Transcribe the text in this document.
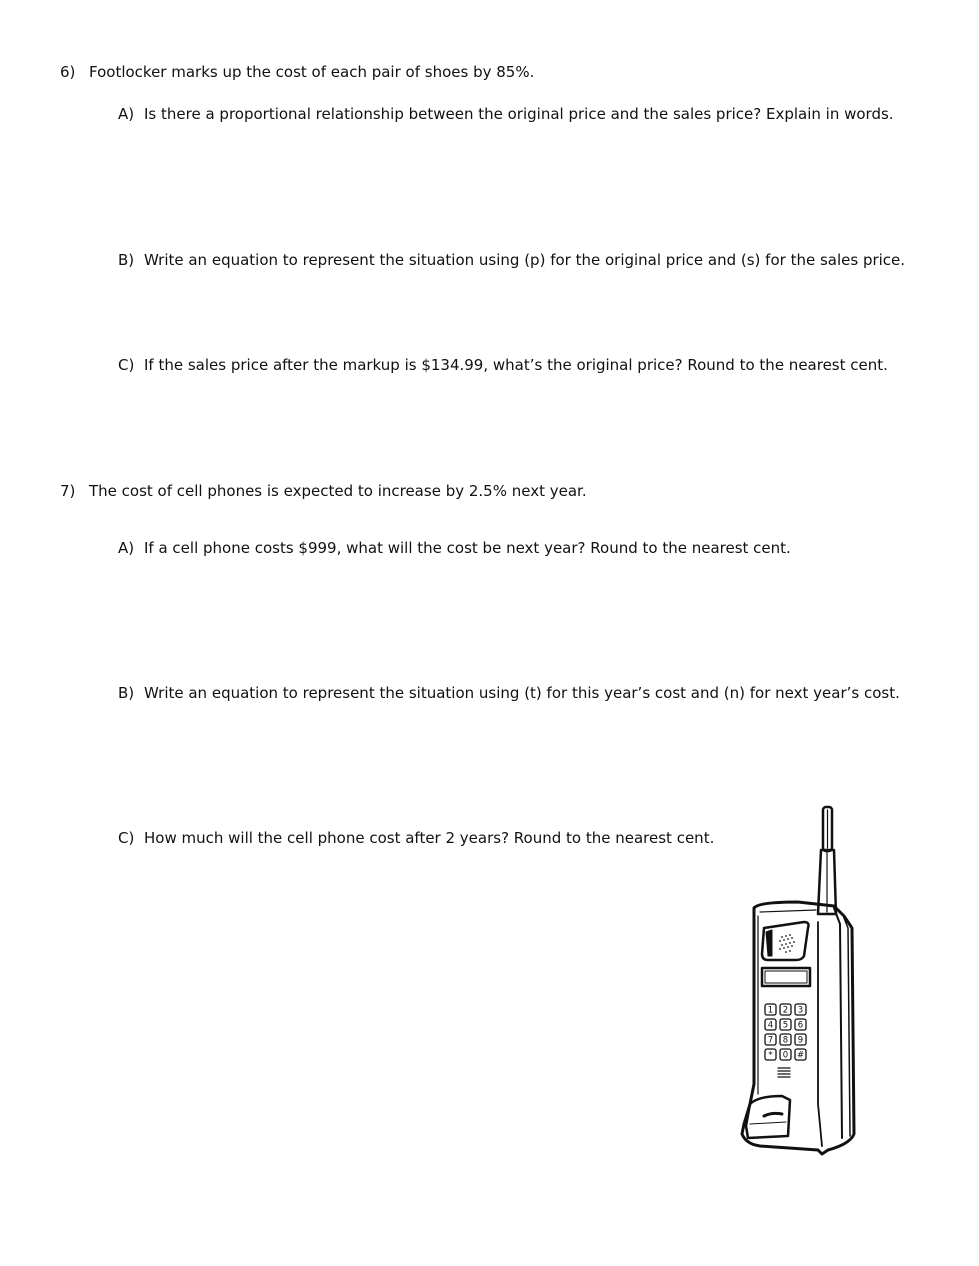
6) Footlocker marks up the cost of each pair of shoes by 85%.
A) Is there a proportional relationship between the original price and the sales price? Explain in words.
B) Write an equation to represent the situation using (p) for the original price and (s) for the sales price.
C) If the sales price after the markup is $134.99, what’s the original price? Round to the nearest cent.
7) The cost of cell phones is expected to increase by 2.5% next year.
A) If a cell phone costs $999, what will the cost be next year? Round to the nearest cent.
B) Write an equation to represent the situation using (t) for this year’s cost and (n) for next year’s cost.
C) How much will the cell phone cost after 2 years? Round to the nearest cent.
1 2 3
4 5 6
7 8 9
* 0 #
